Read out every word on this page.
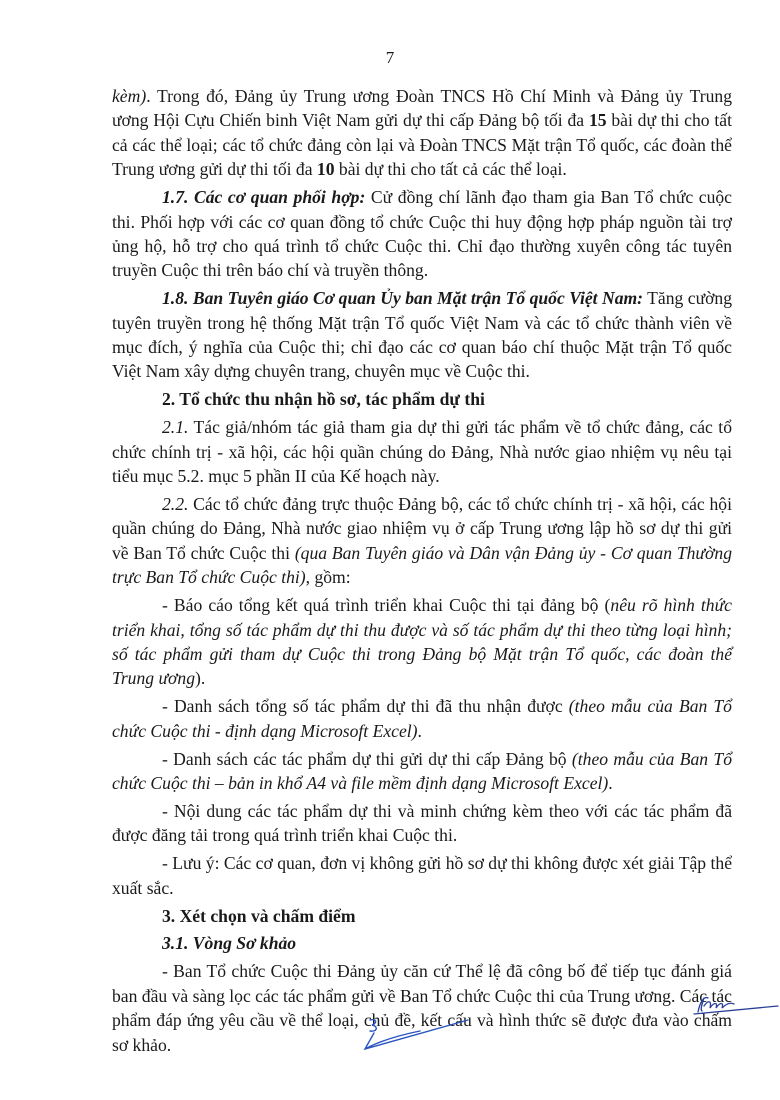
7

kèm). Trong đó, Đảng ủy Trung ương Đoàn TNCS Hồ Chí Minh và Đảng ủy Trung ương Hội Cựu Chiến binh Việt Nam gửi dự thi cấp Đảng bộ tối đa 15 bài dự thi cho tất cả các thể loại; các tổ chức đảng còn lại và Đoàn TNCS Mặt trận Tổ quốc, các đoàn thể Trung ương gửi dự thi tối đa 10 bài dự thi cho tất cả các thể loại.

1.7. Các cơ quan phối hợp: Cử đồng chí lãnh đạo tham gia Ban Tổ chức cuộc thi. Phối hợp với các cơ quan đồng tổ chức Cuộc thi huy động hợp pháp nguồn tài trợ ủng hộ, hỗ trợ cho quá trình tổ chức Cuộc thi. Chỉ đạo thường xuyên công tác tuyên truyền Cuộc thi trên báo chí và truyền thông.

1.8. Ban Tuyên giáo Cơ quan Ủy ban Mặt trận Tổ quốc Việt Nam: Tăng cường tuyên truyền trong hệ thống Mặt trận Tổ quốc Việt Nam và các tổ chức thành viên về mục đích, ý nghĩa của Cuộc thi; chỉ đạo các cơ quan báo chí thuộc Mặt trận Tổ quốc Việt Nam xây dựng chuyên trang, chuyên mục về Cuộc thi.

2. Tổ chức thu nhận hồ sơ, tác phẩm dự thi

2.1. Tác giả/nhóm tác giả tham gia dự thi gửi tác phẩm về tổ chức đảng, các tổ chức chính trị - xã hội, các hội quần chúng do Đảng, Nhà nước giao nhiệm vụ nêu tại tiểu mục 5.2. mục 5 phần II của Kế hoạch này.

2.2. Các tổ chức đảng trực thuộc Đảng bộ, các tổ chức chính trị - xã hội, các hội quần chúng do Đảng, Nhà nước giao nhiệm vụ ở cấp Trung ương lập hồ sơ dự thi gửi về Ban Tổ chức Cuộc thi (qua Ban Tuyên giáo và Dân vận Đảng ủy - Cơ quan Thường trực Ban Tổ chức Cuộc thi), gồm:

- Báo cáo tổng kết quá trình triển khai Cuộc thi tại đảng bộ (nêu rõ hình thức triển khai, tổng số tác phẩm dự thi thu được và số tác phẩm dự thi theo từng loại hình; số tác phẩm gửi tham dự Cuộc thi trong Đảng bộ Mặt trận Tổ quốc, các đoàn thể Trung ương).

- Danh sách tổng số tác phẩm dự thi đã thu nhận được (theo mẫu của Ban Tổ chức Cuộc thi - định dạng Microsoft Excel).

- Danh sách các tác phẩm dự thi gửi dự thi cấp Đảng bộ (theo mẫu của Ban Tổ chức Cuộc thi – bản in khổ A4 và file mềm định dạng Microsoft Excel).

- Nội dung các tác phẩm dự thi và minh chứng kèm theo với các tác phẩm đã được đăng tải trong quá trình triển khai Cuộc thi.

- Lưu ý: Các cơ quan, đơn vị không gửi hồ sơ dự thi không được xét giải Tập thể xuất sắc.

3. Xét chọn và chấm điểm

3.1. Vòng Sơ khảo

- Ban Tổ chức Cuộc thi Đảng ủy căn cứ Thể lệ đã công bố để tiếp tục đánh giá ban đầu và sàng lọc các tác phẩm gửi về Ban Tổ chức Cuộc thi của Trung ương. Các tác phẩm đáp ứng yêu cầu về thể loại, chủ đề, kết cấu và hình thức sẽ được đưa vào chấm sơ khảo.
